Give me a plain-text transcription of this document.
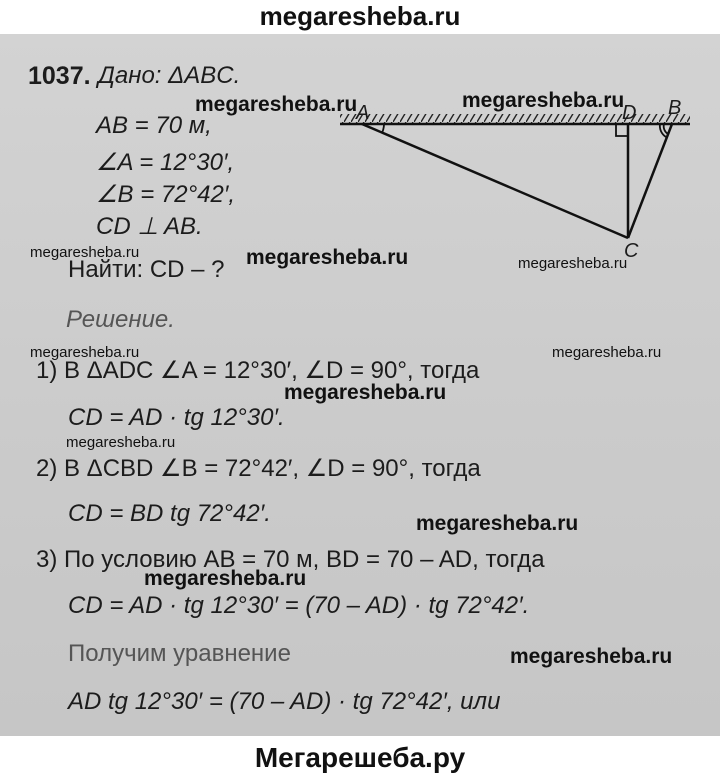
megaresheba.ru
1037. Дано: ΔABC.
AB = 70 м,
∠A = 12°30′,
∠B = 72°42′,
CD ⊥ AB.
Найти: CD – ?
Решение.
1) В ΔADC ∠A = 12°30′, ∠D = 90°, тогда
CD = AD · tg 12°30′.
2) В ΔCBD ∠B = 72°42′, ∠D = 90°, тогда
CD = BD tg 72°42′.
3) По условию AB = 70 м, BD = 70 – AD, тогда
CD = AD · tg 12°30′ = (70 – AD) · tg 72°42′.
Получим уравнение
AD tg 12°30′ = (70 – AD) · tg 72°42′, или
A	D B
C
megaresheba.ru	megaresheba.ru
megaresheba.ru
megaresheba.ru
megaresheba.ru
megaresheba.ru	megaresheba.ru
megaresheba.ru
megaresheba.ru
megaresheba.ru
megaresheba.ru
megaresheba.ru
Мегарешеба.ру
